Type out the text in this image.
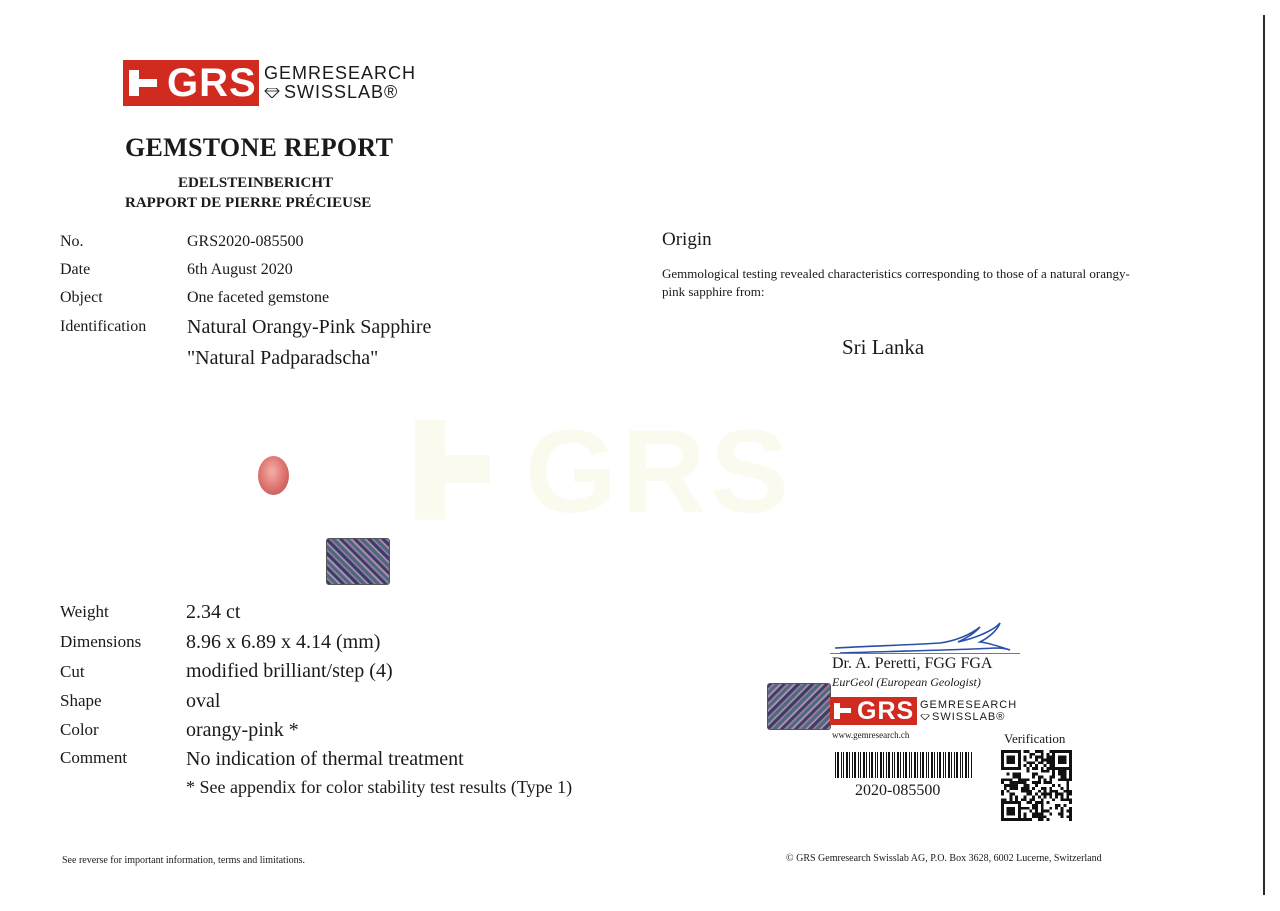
GRS GEMRESEARCH
SWISSLAB®
GEMSTONE REPORT
EDELSTEINBERICHT
RAPPORT DE PIERRE PRÉCIEUSE
No.	GRS2020-085500
Date	6th August 2020
Object	One faceted gemstone
Identification Natural Orangy-Pink Sapphire
"Natural Padparadscha"
Origin
Gemmological testing revealed characteristics corresponding to those of a natural orangy-pink sapphire from:
Sri Lanka
GRS
Weight	2.34 ct
Dimensions 8.96 x 6.89 x 4.14 (mm)
Cut	modified brilliant/step (4)
Shape	oval
Color	orangy-pink *
Comment	No indication of thermal treatment
* See appendix for color stability test results (Type 1)
Dr. A. Peretti, FGG FGA
EurGeol (European Geologist)
GRS GEMRESEARCH
SWISSLAB®
www.gemresearch.ch	Verification
2020-085500
See reverse for important information, terms and limitations.	© GRS Gemresearch Swisslab AG, P.O. Box 3628, 6002 Lucerne, Switzerland
